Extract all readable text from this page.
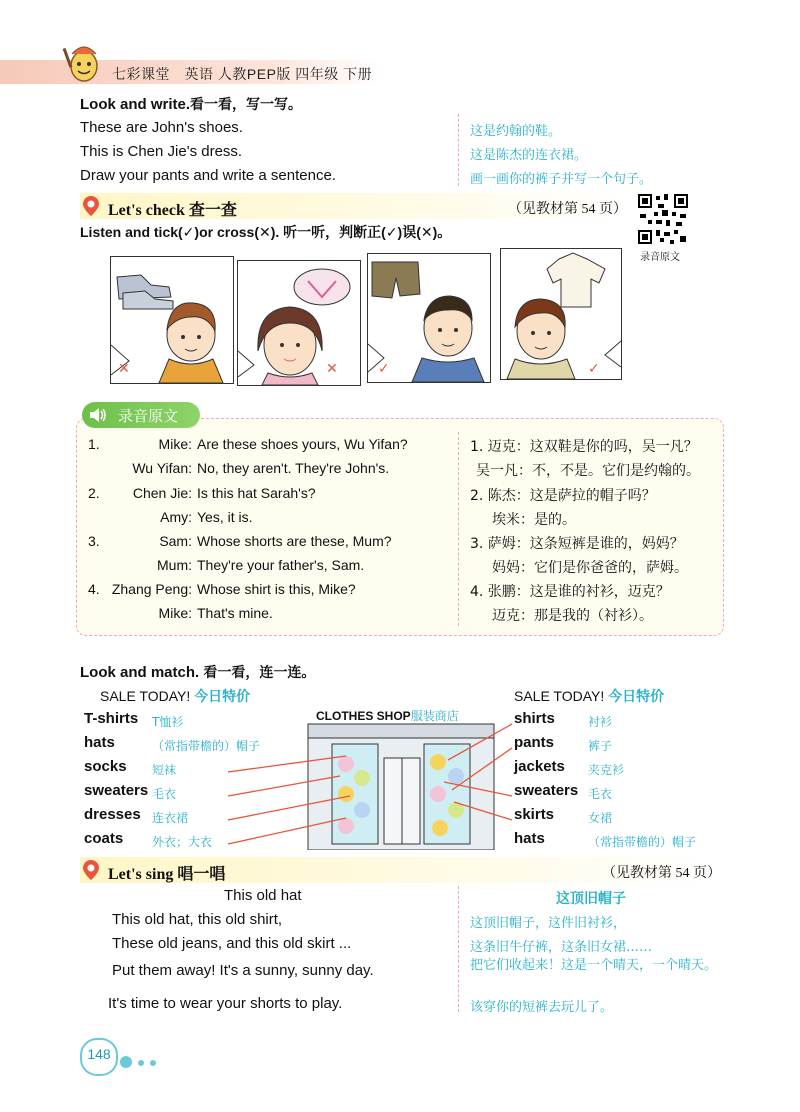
七彩课堂　英语 人教PEP版 四年级 下册
Look and write.看一看，写一写。
These are John's shoes.
This is Chen Jie's dress.
Draw your pants and write a sentence.
这是约翰的鞋。
这是陈杰的连衣裙。
画一画你的裤子并写一个句子。
Let's check 查一查	（见教材第 54 页）
Listen and tick(✓)or cross(✕). 听一听，判断正(✓)误(✕)。
录音原文
✕	✕	✓	✓
录音原文
1.	Mike: Are these shoes yours, Wu Yifan?
Wu Yifan: No, they aren't. They're John's.
2.	Chen Jie: Is this hat Sarah's?
Amy: Yes, it is.
3.	Sam: Whose shorts are these, Mum?
Mum: They're your father's, Sam.
4. Zhang Peng: Whose shirt is this, Mike?
Mike: That's mine.
1. 迈克：这双鞋是你的吗，吴一凡？
吴一凡：不，不是。它们是约翰的。
2. 陈杰：这是萨拉的帽子吗？
埃米：是的。
3. 萨姆：这条短裤是谁的，妈妈？
妈妈：它们是你爸爸的，萨姆。
4. 张鹏：这是谁的衬衫，迈克？
迈克：那是我的（衬衫）。
Look and match. 看一看，连一连。
SALE TODAY! 今日特价	SALE TODAY! 今日特价
CLOTHES SHOP服装商店
T-shirts T恤衫
hats	（常指带檐的）帽子
socks 短袜
sweaters 毛衣
dresses 连衣裙
coats 外衣；大衣
shirts	衬衫
pants	裤子
jackets 夹克衫
sweaters 毛衣
skirts	女裙
hats	（常指带檐的）帽子
Let's sing 唱一唱	（见教材第 54 页）
This old hat	这顶旧帽子
This old hat, this old shirt,
These old jeans, and this old skirt ...
Put them away! It's a sunny, sunny day.
It's time to wear your shorts to play.
这顶旧帽子，这件旧衬衫，
这条旧牛仔裤，这条旧女裙……
把它们收起来！这是一个晴天，一个晴天。
该穿你的短裤去玩儿了。
148
